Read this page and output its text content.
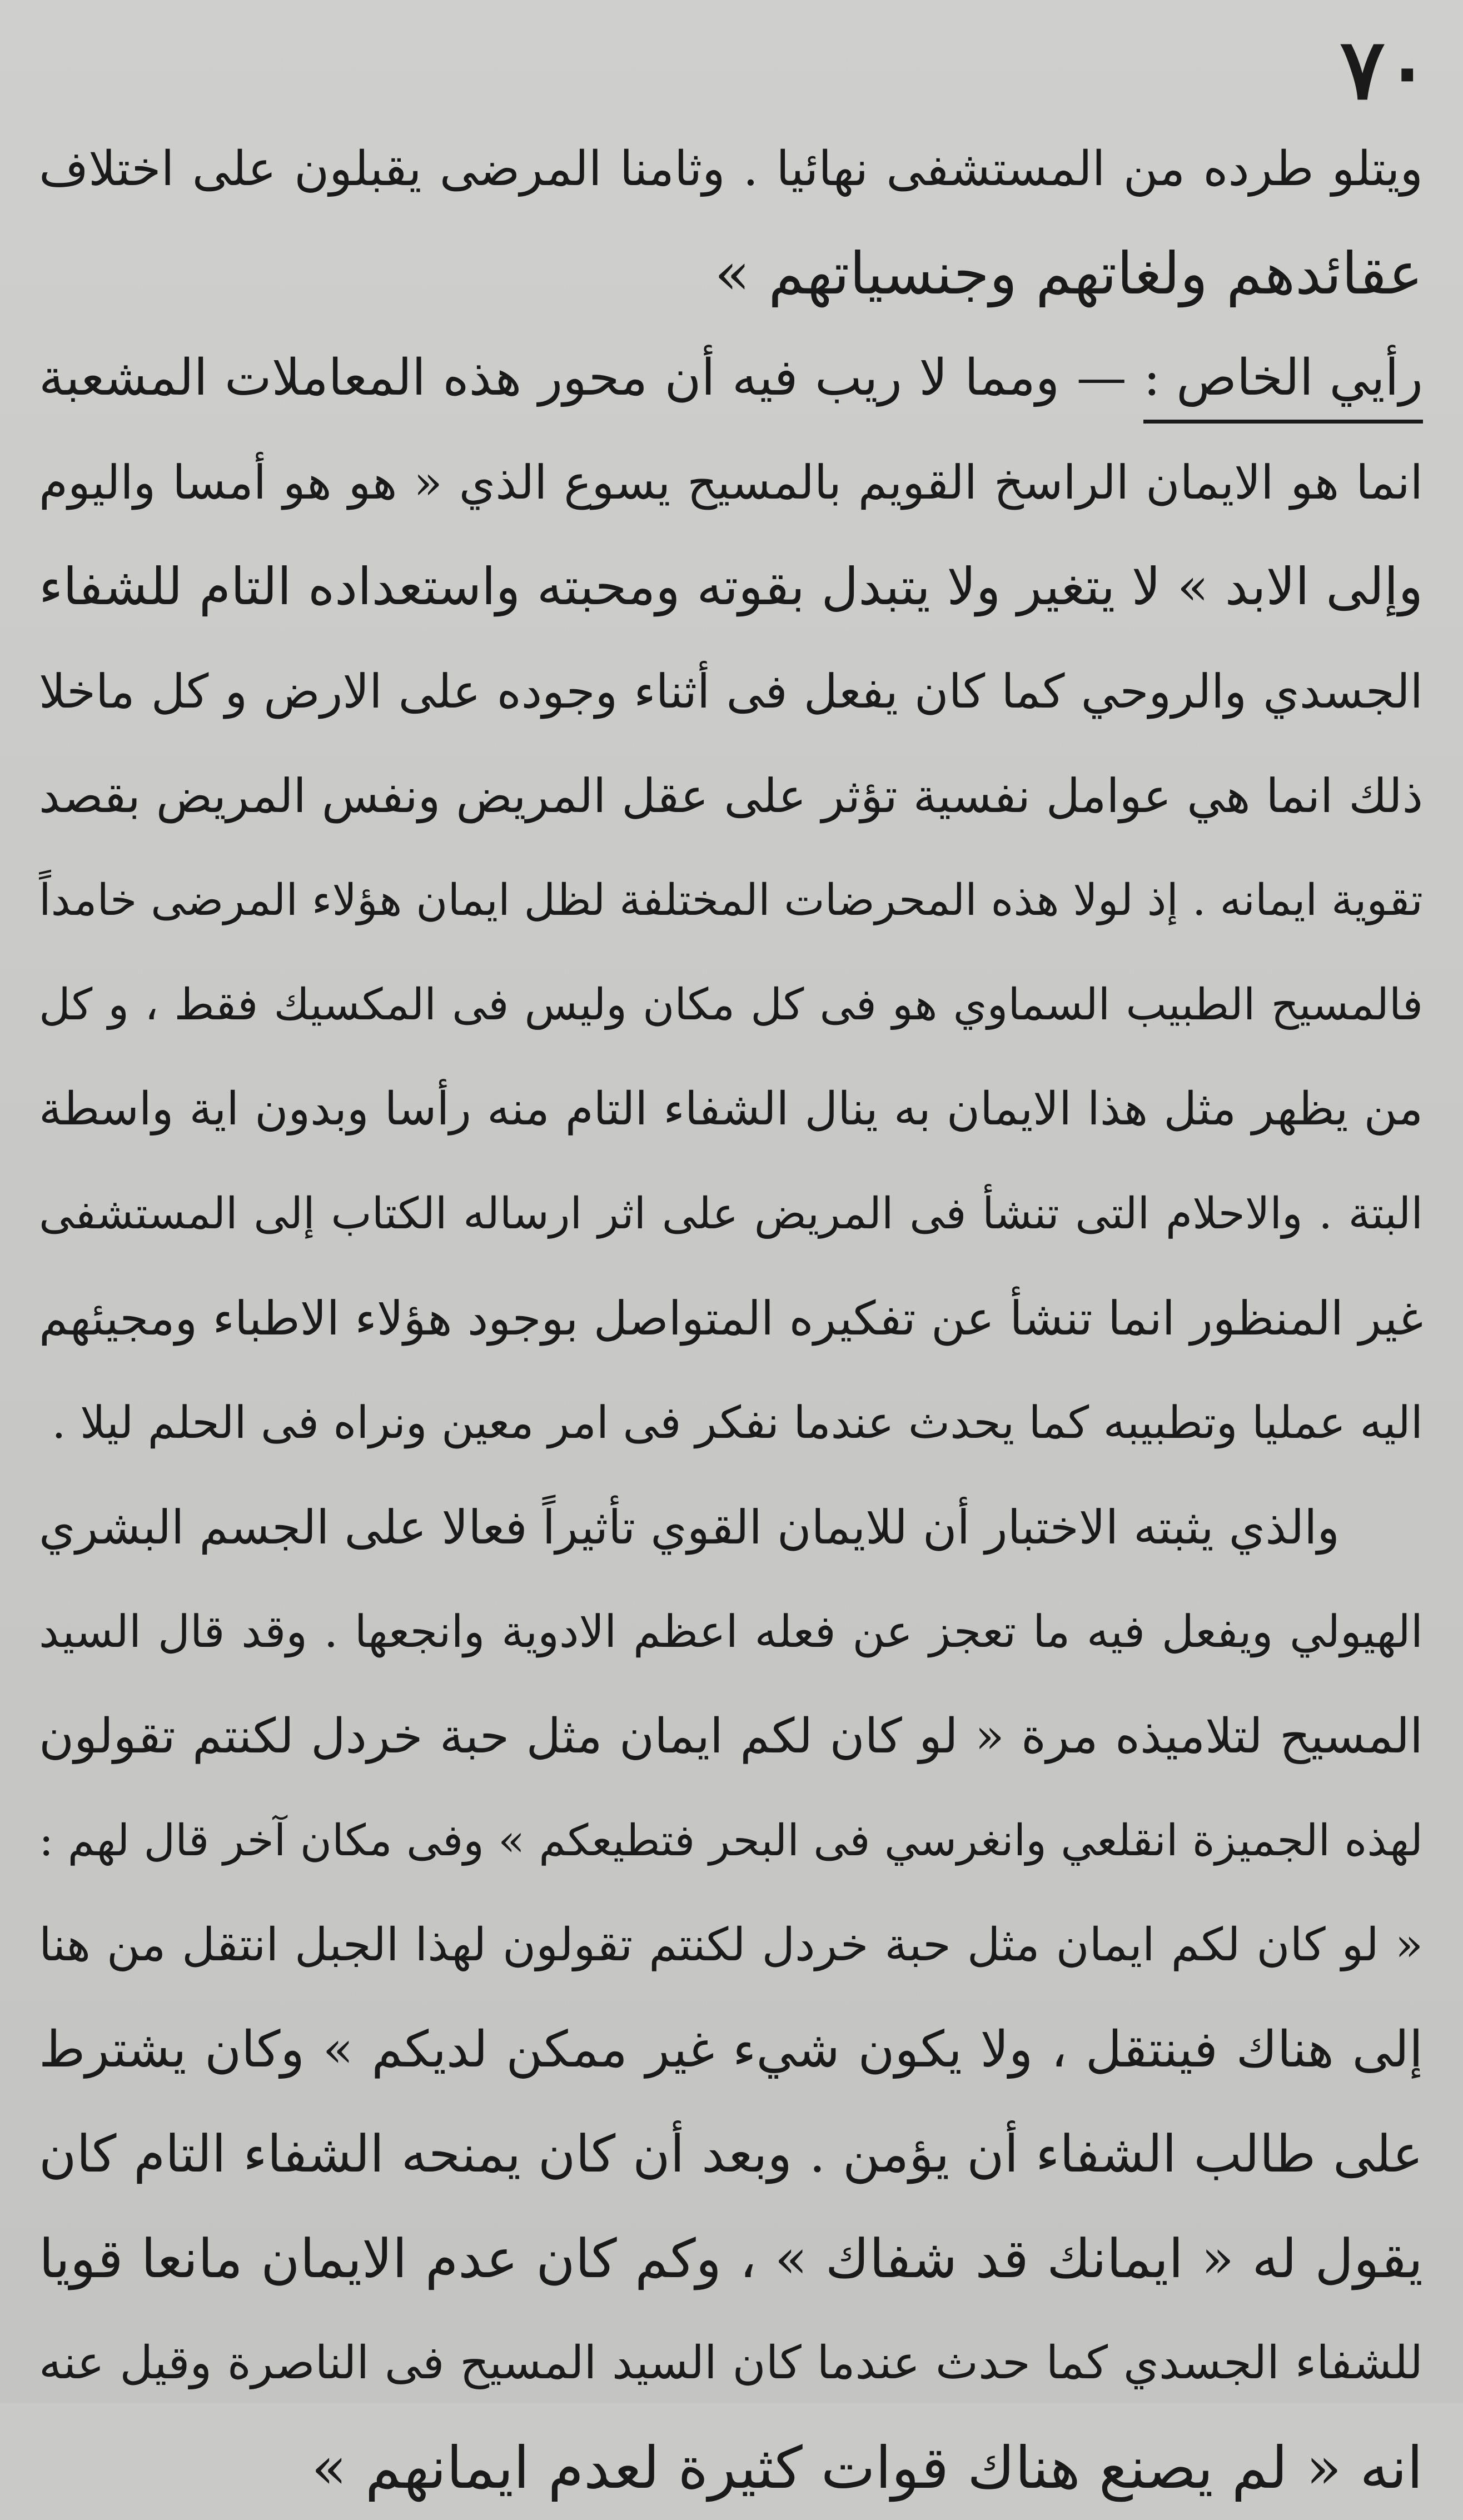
٧٠
ويتلو طرده من المستشفى نهائيا . وثامنا المرضى يقبلون على اختلاف
عقائدهم ولغاتهم وجنسياتهم »
رأيي الخاص : — ومما لا ريب فيه أن محور هذه المعاملات المشعبة
انما هو الايمان الراسخ القويم بالمسيح يسوع الذي « هو هو أمسا واليوم
وإلى الابد » لا يتغير ولا يتبدل بقوته ومحبته واستعداده التام للشفاء
الجسدي والروحي كما كان يفعل فى أثناء وجوده على الارض و كل ماخلا
ذلك انما هي عوامل نفسية تؤثر على عقل المريض ونفس المريض بقصد
تقوية ايمانه . إذ لولا هذه المحرضات المختلفة لظل ايمان هؤلاء المرضى خامداً
فالمسيح الطبيب السماوي هو فى كل مكان وليس فى المكسيك فقط ، و كل
من يظهر مثل هذا الايمان به ينال الشفاء التام منه رأسا وبدون اية واسطة
البتة . والاحلام التى تنشأ فى المريض على اثر ارساله الكتاب إلى المستشفى
غير المنظور انما تنشأ عن تفكيره المتواصل بوجود هؤلاء الاطباء ومجيئهم
اليه عمليا وتطبيبه كما يحدث عندما نفكر فى امر معين ونراه فى الحلم ليلا .
والذي يثبته الاختبار أن للايمان القوي تأثيراً فعالا على الجسم البشري
الهيولي ويفعل فيه ما تعجز عن فعله اعظم الادوية وانجعها . وقد قال السيد
المسيح لتلاميذه مرة « لو كان لكم ايمان مثل حبة خردل لكنتم تقولون
لهذه الجميزة انقلعي وانغرسي فى البحر فتطيعكم » وفى مكان آخر قال لهم :
« لو كان لكم ايمان مثل حبة خردل لكنتم تقولون لهذا الجبل انتقل من هنا
إلى هناك فينتقل ، ولا يكون شيء غير ممكن لديكم » وكان يشترط
على طالب الشفاء أن يؤمن . وبعد أن كان يمنحه الشفاء التام كان
يقول له « ايمانك قد شفاك » ، وكم كان عدم الايمان مانعا قويا
للشفاء الجسدي كما حدث عندما كان السيد المسيح فى الناصرة وقيل عنه
انه « لم يصنع هناك قوات كثيرة لعدم ايمانهم »
